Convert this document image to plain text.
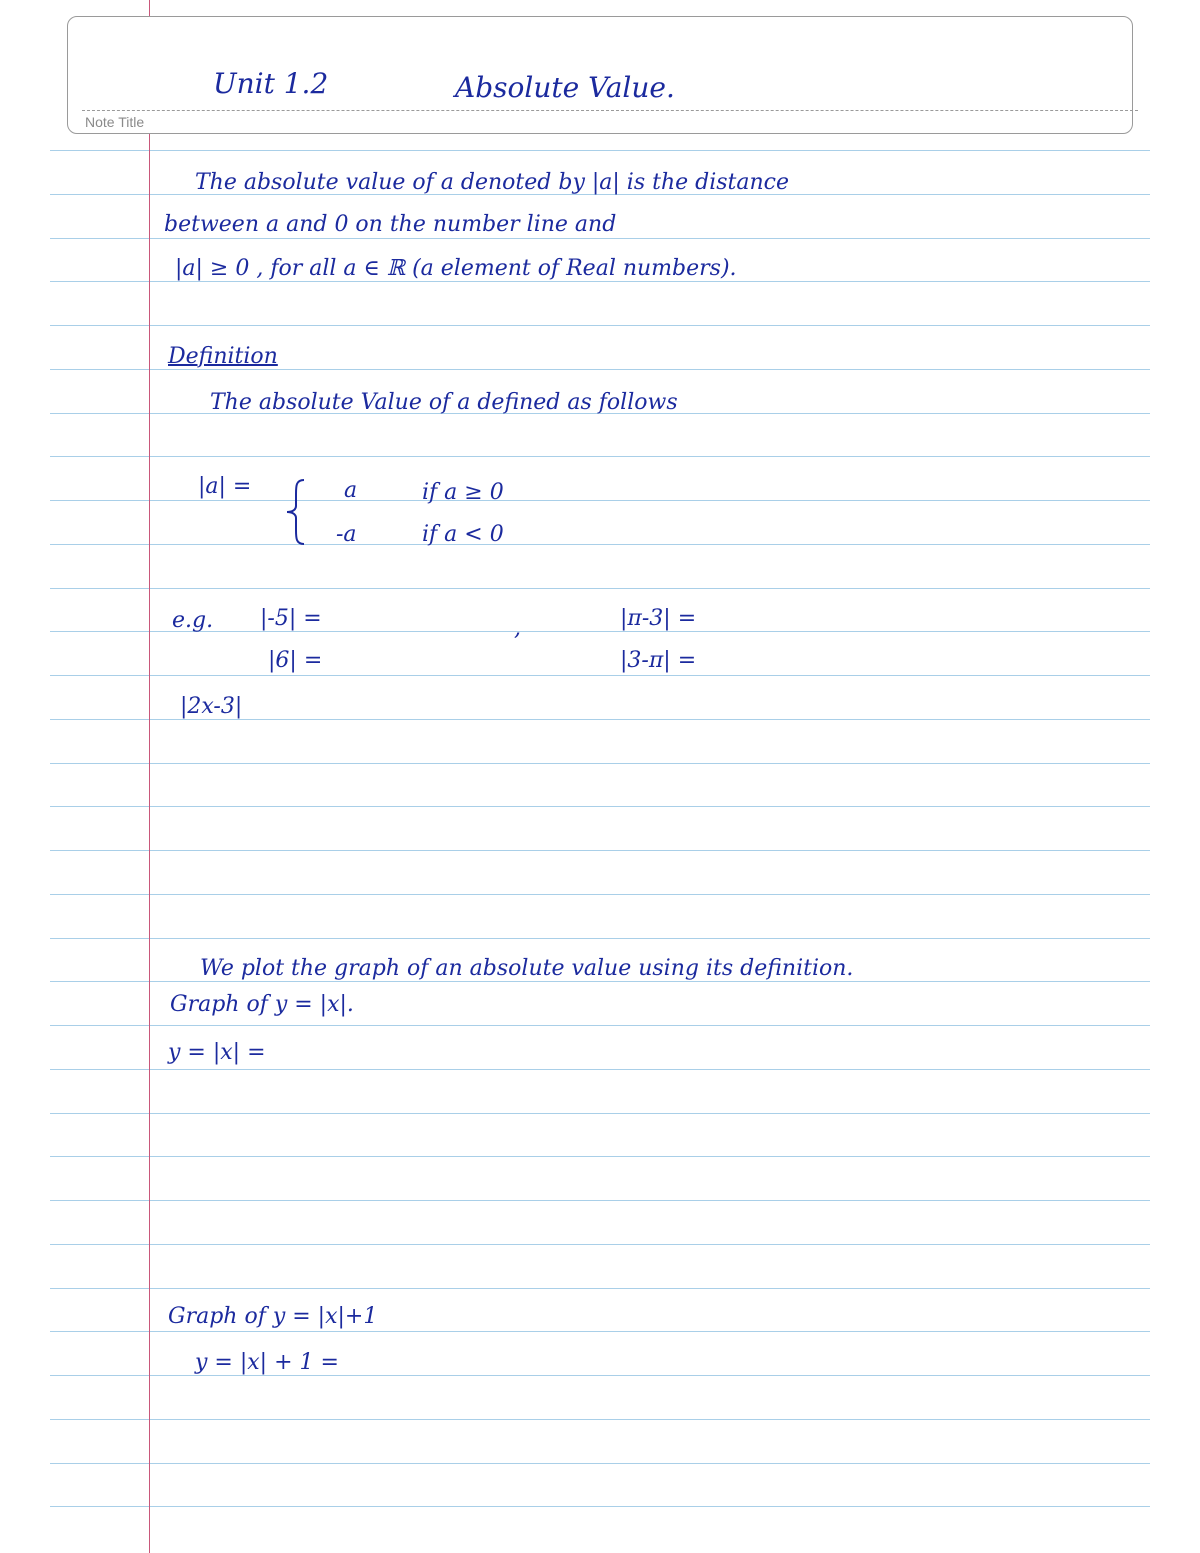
Note Title
Unit 1.2	Absolute Value.
The absolute value of a denoted by |a| is the distance
between a and 0 on the number line and
|a| ≥ 0 , for all a ∈ ℝ (a element of Real numbers).
Definition
The absolute Value of a defined as follows
|a| =	a	if a ≥ 0
-a	if a < 0
e.g. |-5| =	,	|π-3| =
|6| =	|3-π| =
|2x-3|
We plot the graph of an absolute value using its definition.
Graph of y = |x|.
y = |x| =
Graph of y = |x|+1
y = |x| + 1 =
